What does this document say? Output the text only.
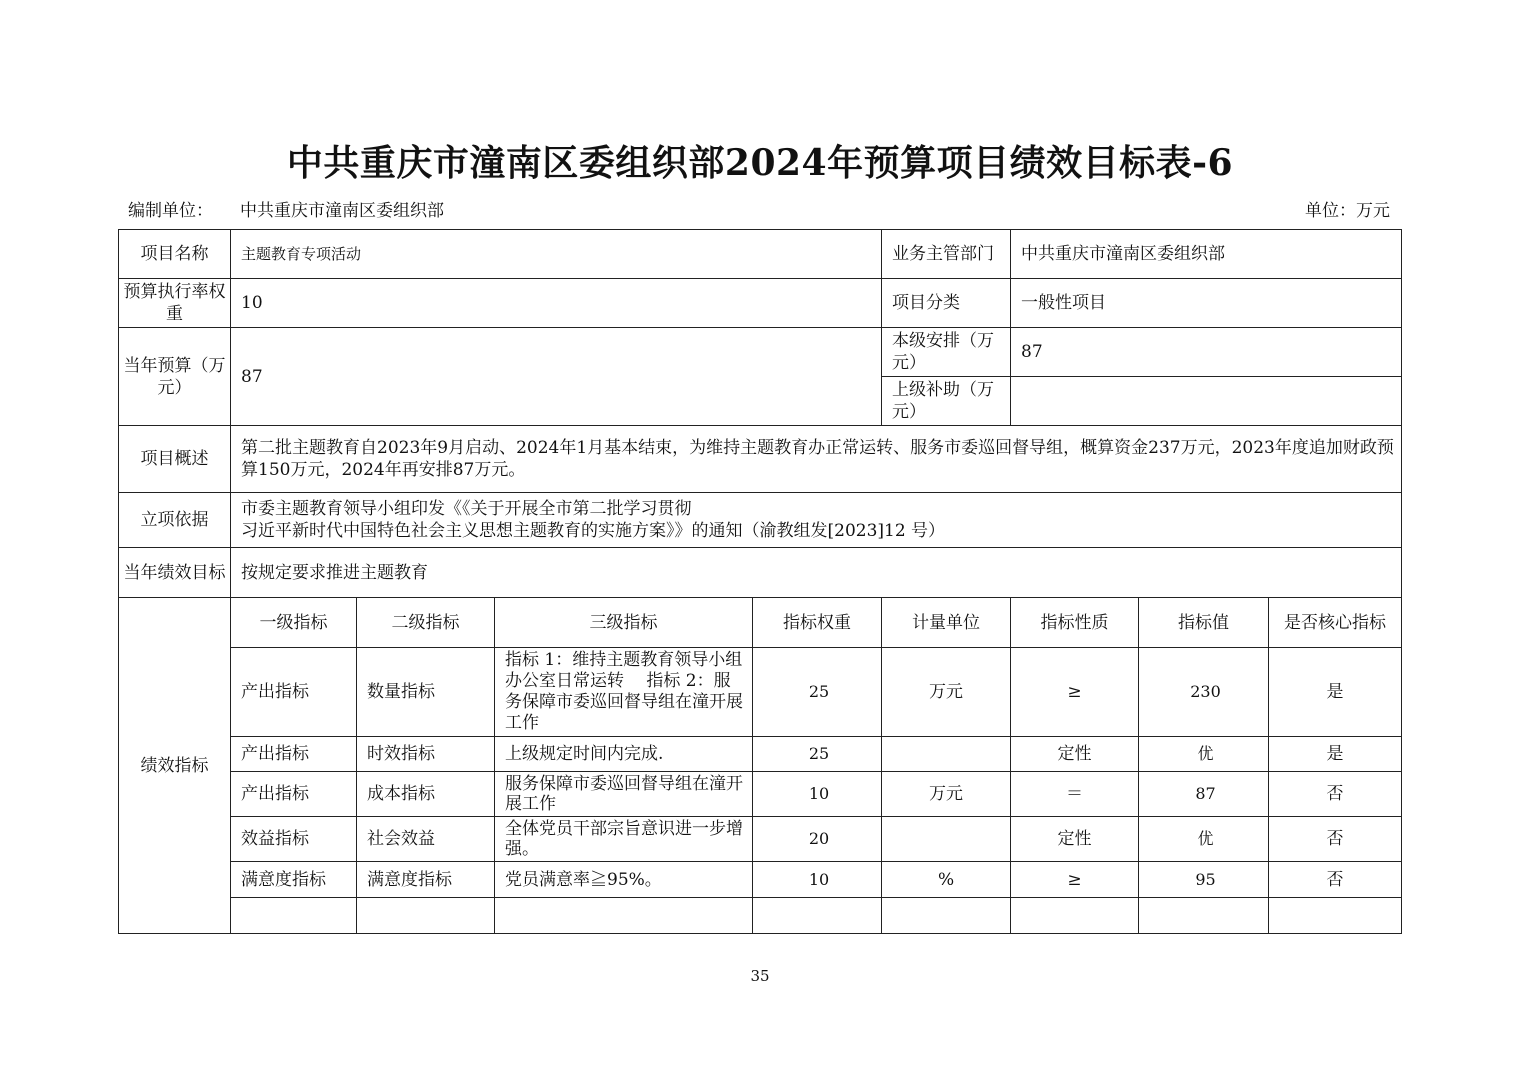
中共重庆市潼南区委组织部2024年预算项目绩效目标表-6
编制单位： 中共重庆市潼南区委组织部	单位：万元
项目名称	主题教育专项活动				业务主管部门	中共重庆市潼南区委组织部		
预算执行率权重	10				项目分类	一般性项目		
当年预算（万元）	87				本级安排（万元）	87		
					上级补助（万元）			
项目概述	第二批主题教育自2023年9月启动、2024年1月基本结束，为维持主题教育办正常运转、服务市委巡回督导组，概算资金237万元，2023年度追加财政预算150万元，2024年再安排87万元。							
立项依据	市委主题教育领导小组印发《《关于开展全市第二批学习贯彻
习近平新时代中国特色社会主义思想主题教育的实施方案》》的通知（渝教组发[2023]12 号）							

当年绩效目标	按规定要求推进主题教育							
绩效指标	一级指标	二级指标	三级指标	指标权重	计量单位	指标性质	指标值	是否核心指标
	产出指标	数量指标	指标 1：维持主题教育领导小组办公室日常运转　 指标 2：服务保障市委巡回督导组在潼开展工作	25	万元	≥	230	是
	产出指标	时效指标	上级规定时间内完成.	25		定性	优	是
	产出指标	成本指标	服务保障市委巡回督导组在潼开展工作	10	万元	＝	87	否
	效益指标	社会效益	全体党员干部宗旨意识进一步增强。	20		定性	优	否
	满意度指标	满意度指标	党员满意率≧95%。	10	%	≥	95	否

35
